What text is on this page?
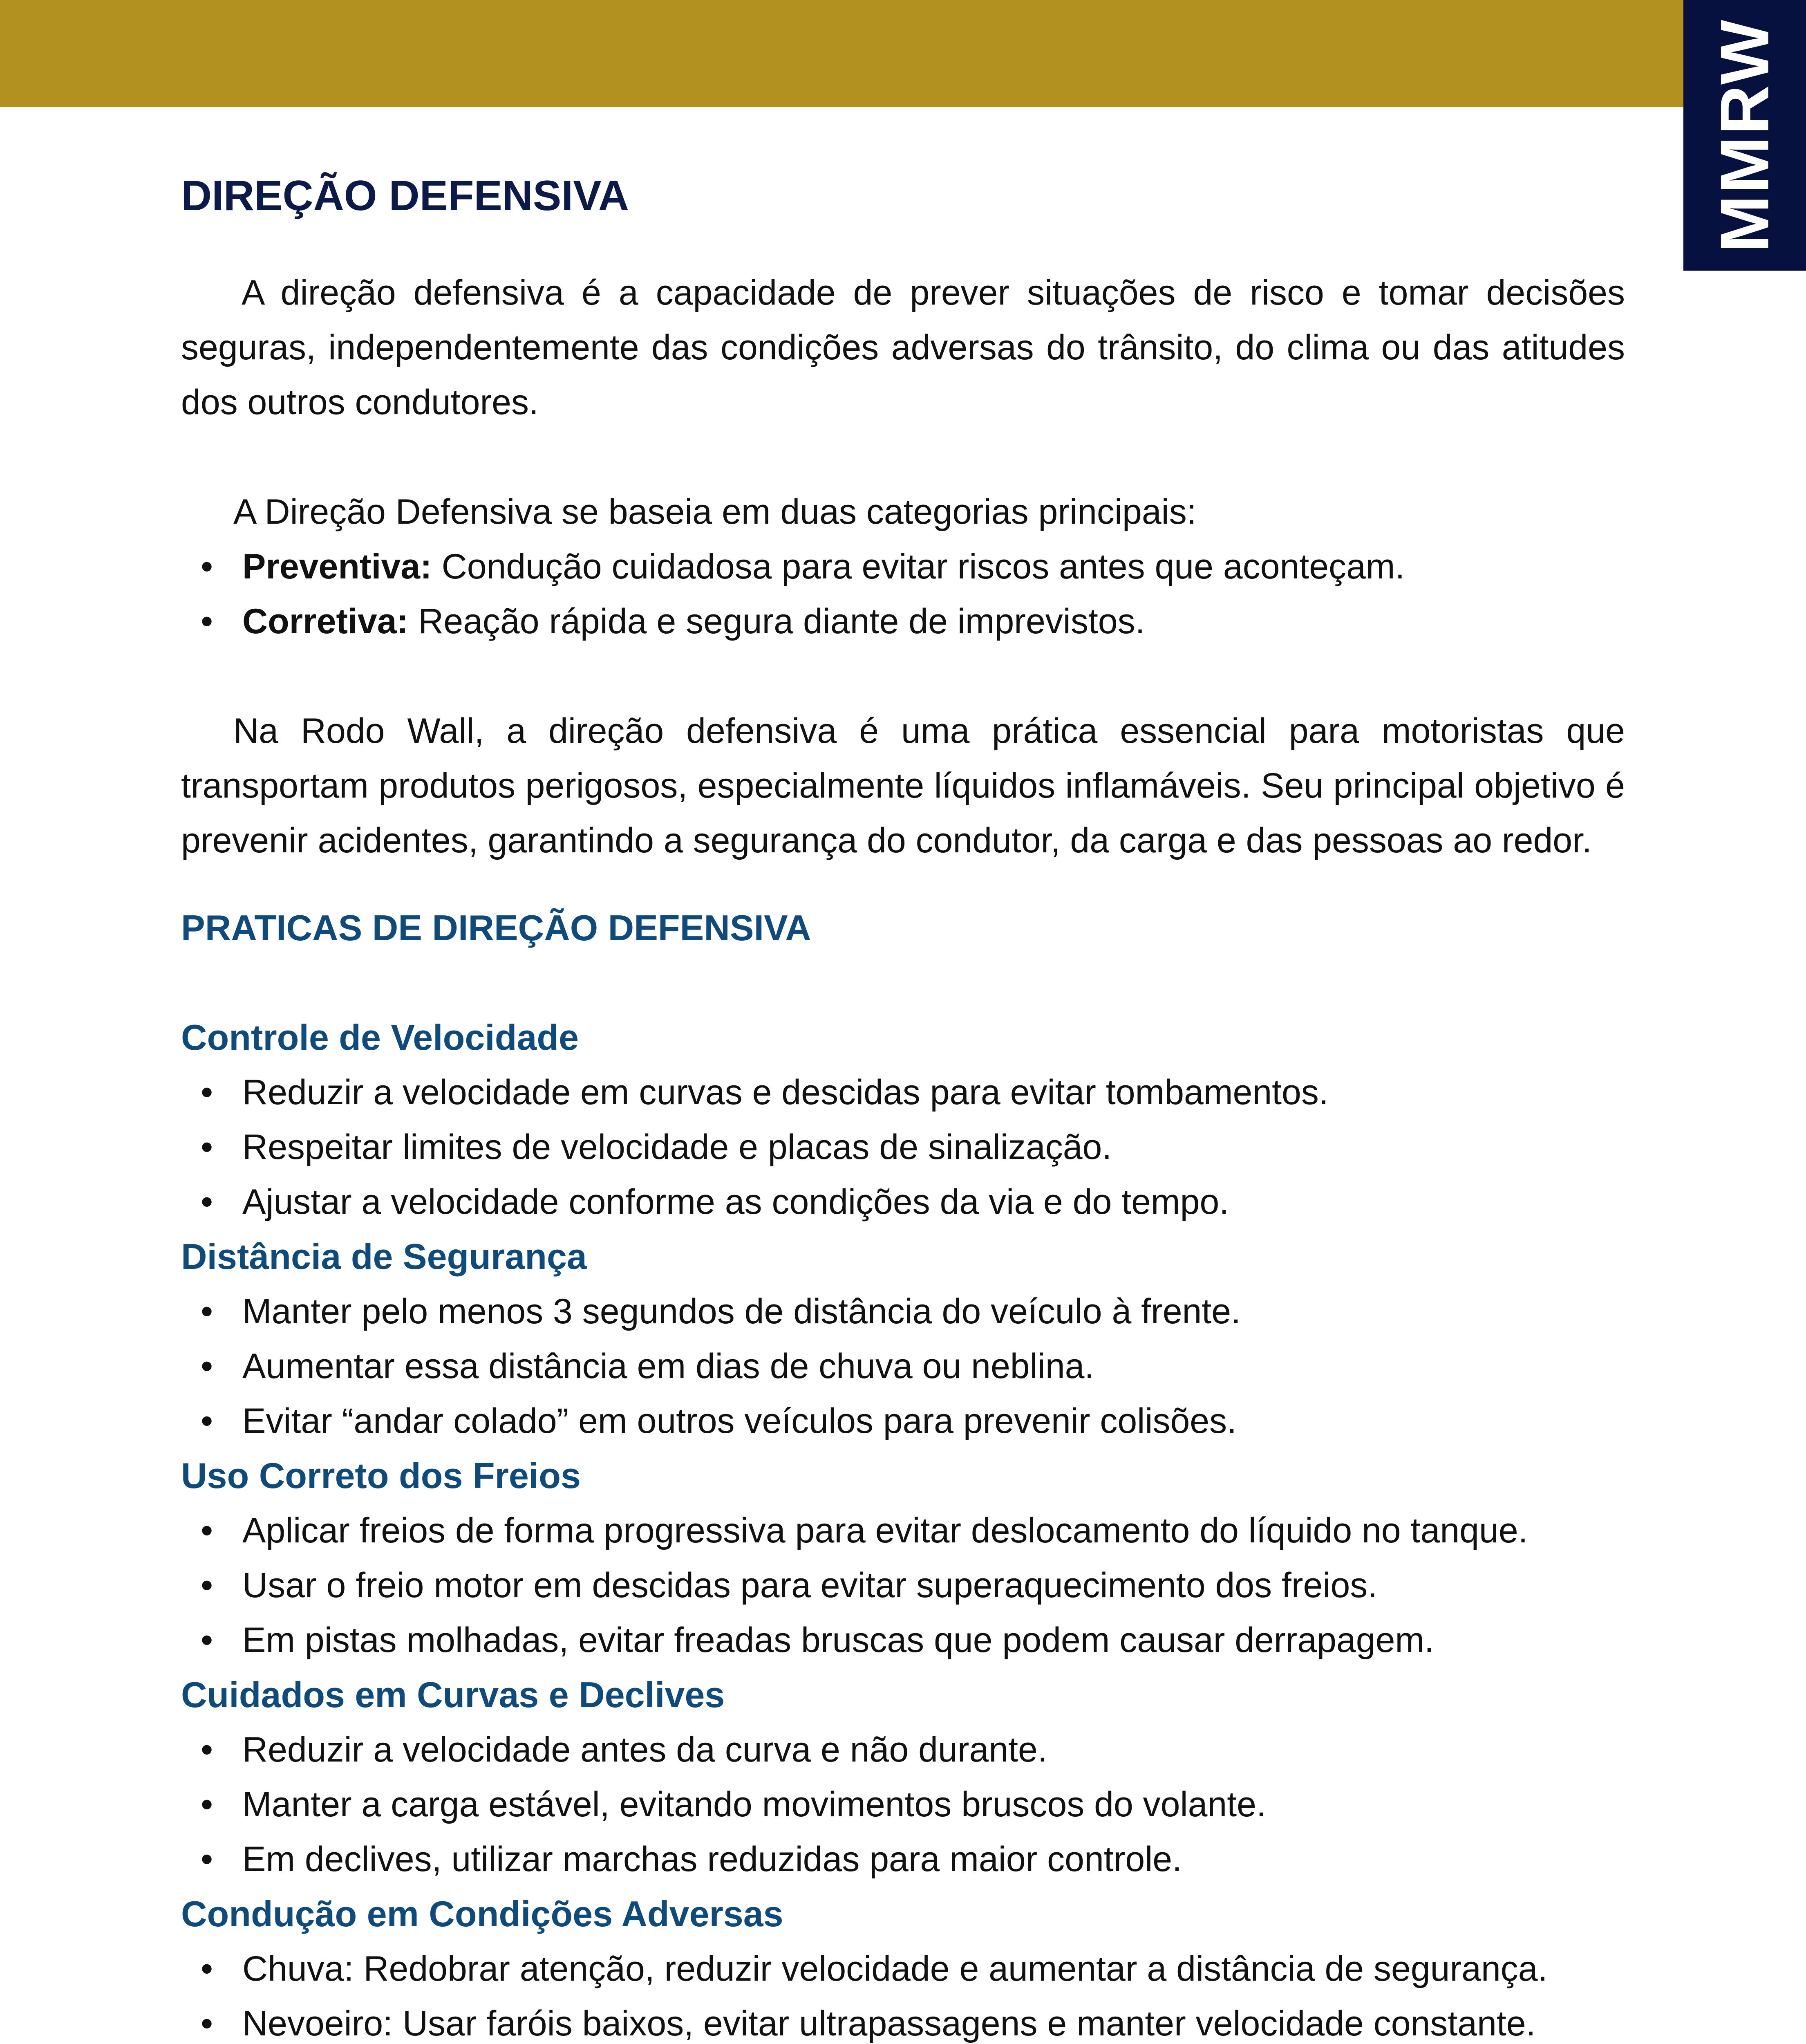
MMRW
DIREÇÃO DEFENSIVA

A direção defensiva é a capacidade de prever situações de risco e tomar decisões seguras, independentemente das condições adversas do trânsito, do clima ou das atitudes dos outros condutores.

A Direção Defensiva se baseia em duas categorias principais:

• Preventiva: Condução cuidadosa para evitar riscos antes que aconteçam.
• Corretiva: Reação rápida e segura diante de imprevistos.

Na Rodo Wall, a direção defensiva é uma prática essencial para motoristas que transportam produtos perigosos, especialmente líquidos inflamáveis. Seu principal objetivo é prevenir acidentes, garantindo a segurança do condutor, da carga e das pessoas ao redor.

PRATICAS DE DIREÇÃO DEFENSIVA
Controle de Velocidade
• Reduzir a velocidade em curvas e descidas para evitar tombamentos.
• Respeitar limites de velocidade e placas de sinalização.
• Ajustar a velocidade conforme as condições da via e do tempo.
Distância de Segurança
• Manter pelo menos 3 segundos de distância do veículo à frente.
• Aumentar essa distância em dias de chuva ou neblina.
• Evitar “andar colado” em outros veículos para prevenir colisões.
Uso Correto dos Freios
• Aplicar freios de forma progressiva para evitar deslocamento do líquido no tanque.
• Usar o freio motor em descidas para evitar superaquecimento dos freios.
• Em pistas molhadas, evitar freadas bruscas que podem causar derrapagem.
Cuidados em Curvas e Declives
• Reduzir a velocidade antes da curva e não durante.
• Manter a carga estável, evitando movimentos bruscos do volante.
• Em declives, utilizar marchas reduzidas para maior controle.
Condução em Condições Adversas
• Chuva: Redobrar atenção, reduzir velocidade e aumentar a distância de segurança.
• Nevoeiro: Usar faróis baixos, evitar ultrapassagens e manter velocidade constante.
